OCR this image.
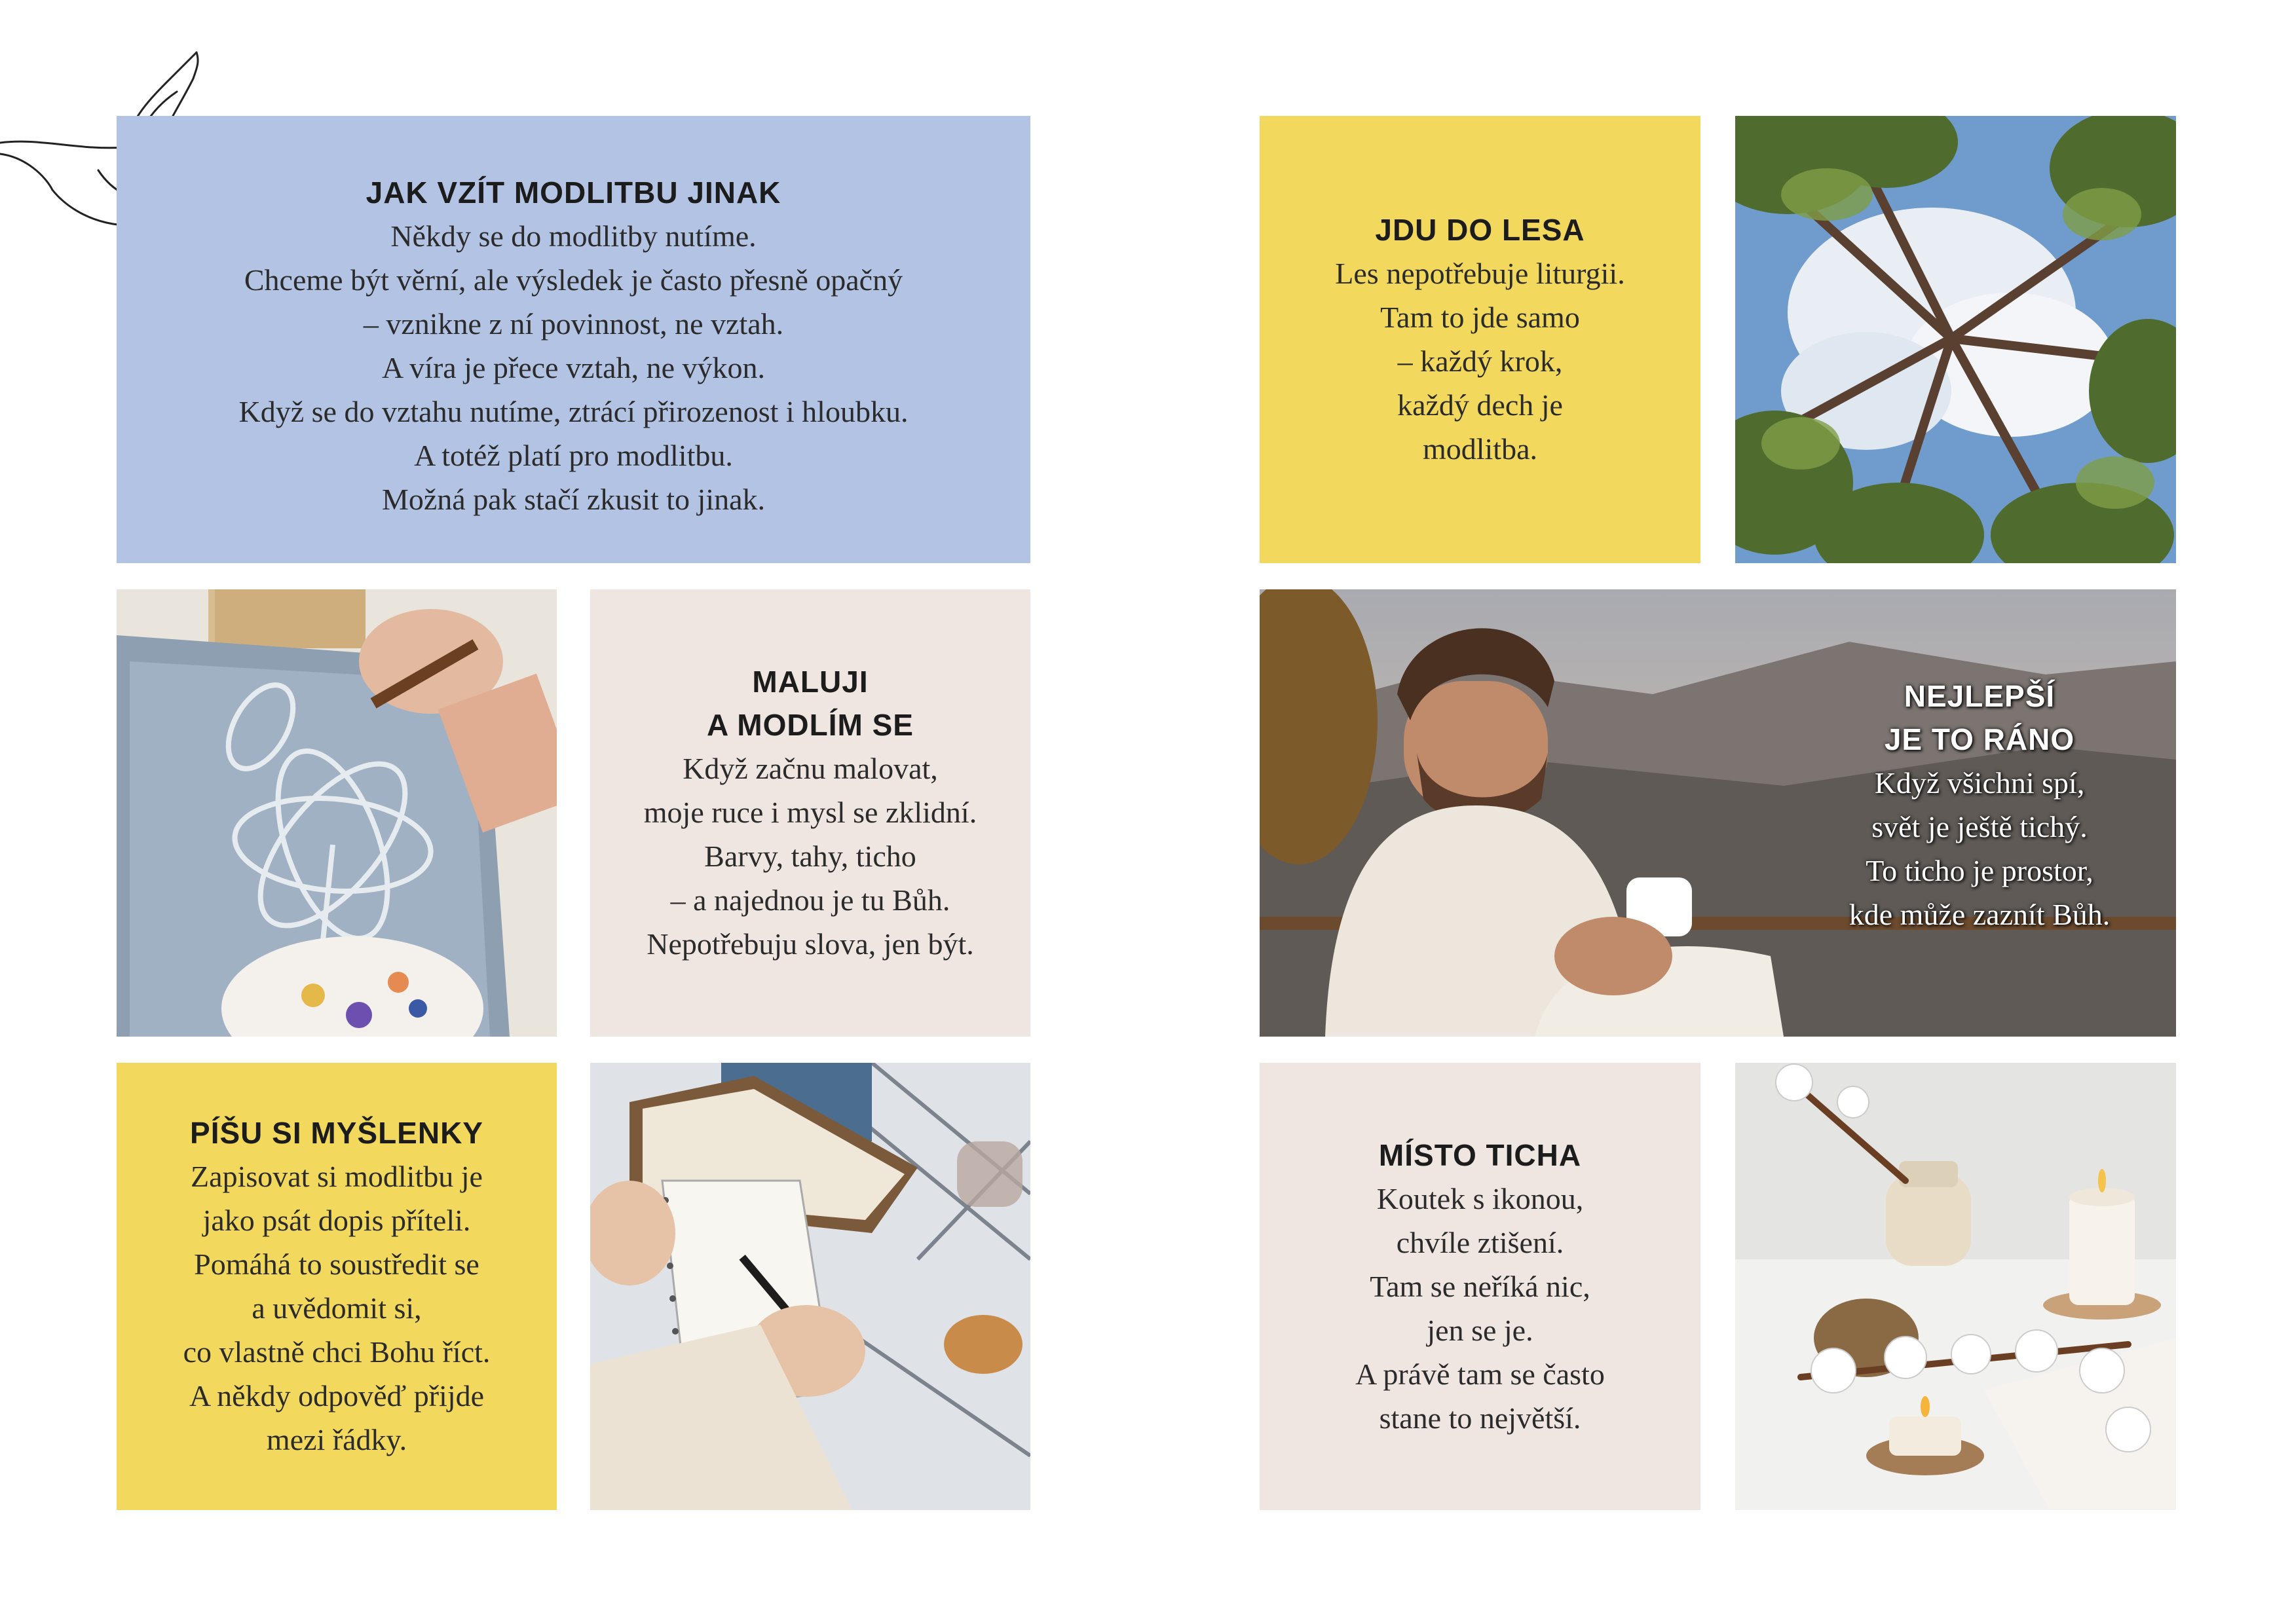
JAK VZÍT MODLITBU JINAK
Někdy se do modlitby nutíme.
Chceme být věrní, ale výsledek je často přesně opačný
– vznikne z ní povinnost, ne vztah.
A víra je přece vztah, ne výkon.
Když se do vztahu nutíme, ztrácí přirozenost i hloubku.
A totéž platí pro modlitbu.
Možná pak stačí zkusit to jinak.
MALUJI
A MODLÍM SE
Když začnu malovat,
moje ruce i mysl se zklidní.
Barvy, tahy, ticho
– a najednou je tu Bůh.
Nepotřebuju slova, jen být.
PÍŠU SI MYŠLENKY
Zapisovat si modlitbu je
jako psát dopis příteli.
Pomáhá to soustředit se
a uvědomit si,
co vlastně chci Bohu říct.
A někdy odpověď přijde
mezi řádky.
JDU DO LESA
Les nepotřebuje liturgii.
Tam to jde samo
– každý krok,
každý dech je
modlitba.
NEJLEPŠÍ
JE TO RÁNO
Když všichni spí,
svět je ještě tichý.
To ticho je prostor,
kde může zaznít Bůh.
MÍSTO TICHA
Koutek s ikonou,
chvíle ztišení.
Tam se neříká nic,
jen se je.
A právě tam se často
stane to největší.
